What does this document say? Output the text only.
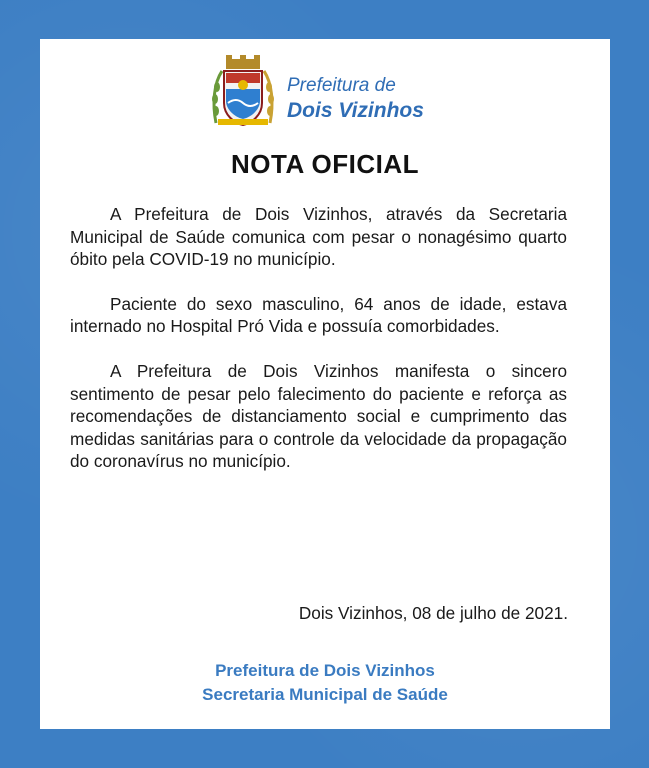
Prefeitura de
Dois Vizinhos
NOTA OFICIAL

A Prefeitura de Dois Vizinhos, através da Secretaria Municipal de Saúde comunica com pesar o nonagésimo quarto óbito pela COVID-19 no município.

Paciente do sexo masculino, 64 anos de idade, estava internado no Hospital Pró Vida e possuía comorbidades.

A Prefeitura de Dois Vizinhos manifesta o sincero sentimento de pesar pelo falecimento do paciente e reforça as recomendações de distanciamento social e cumprimento das medidas sanitárias para o controle da velocidade da propagação do coronavírus no município.

Dois Vizinhos, 08 de julho de 2021.
Prefeitura de Dois Vizinhos
Secretaria Municipal de Saúde
